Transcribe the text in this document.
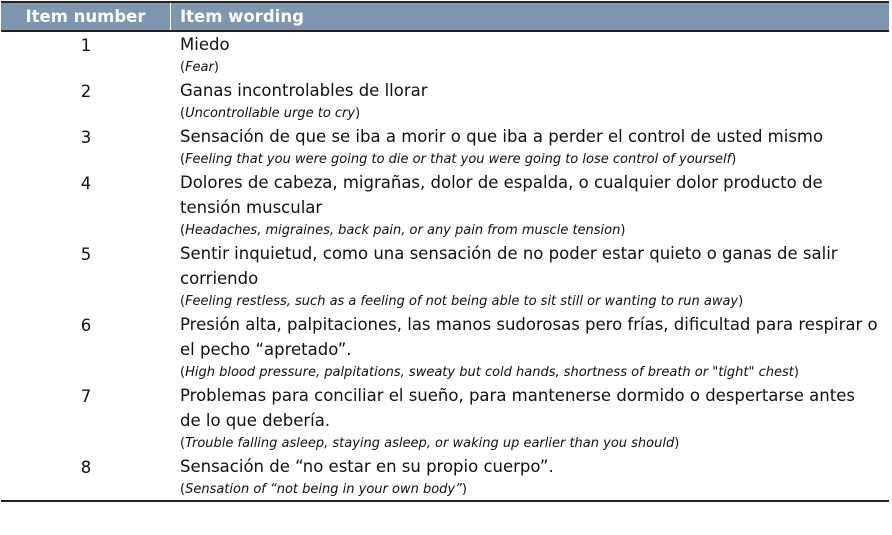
Item number	Item wording
1	Miedo
(Fear)
2	Ganas incontrolables de llorar
(Uncontrollable urge to cry)
3	Sensación de que se iba a morir o que iba a perder el control de usted mismo
(Feeling that you were going to die or that you were going to lose control of yourself)
4	Dolores de cabeza, migrañas, dolor de espalda, o cualquier dolor producto de tensión muscular
(Headaches, migraines, back pain, or any pain from muscle tension)
5	Sentir inquietud, como una sensación de no poder estar quieto o ganas de salir corriendo
(Feeling restless, such as a feeling of not being able to sit still or wanting to run away)
6	Presión alta, palpitaciones, las manos sudorosas pero frías, dificultad para respirar o el pecho “apretado”.
(High blood pressure, palpitations, sweaty but cold hands, shortness of breath or "tight" chest)
7	Problemas para conciliar el sueño, para mantenerse dormido o despertarse antes de lo que debería.
(Trouble falling asleep, staying asleep, or waking up earlier than you should)
8	Sensación de “no estar en su propio cuerpo”.
(Sensation of “not being in your own body”)
